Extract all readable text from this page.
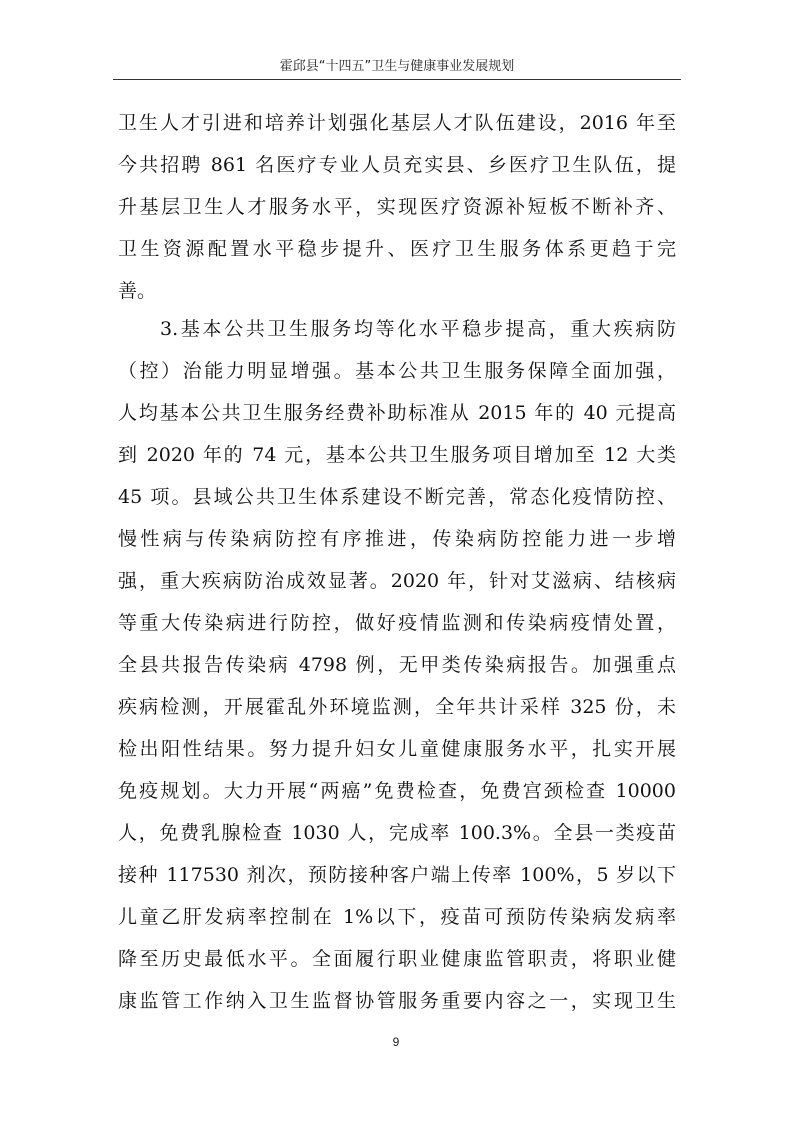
霍邱县“十四五”卫生与健康事业发展规划
卫生人才引进和培养计划强化基层人才队伍建设，2016 年至
今共招聘 861 名医疗专业人员充实县、乡医疗卫生队伍，提
升基层卫生人才服务水平，实现医疗资源补短板不断补齐、
卫生资源配置水平稳步提升、医疗卫生服务体系更趋于完
善。
3.基本公共卫生服务均等化水平稳步提高，重大疾病防
（控）治能力明显增强。基本公共卫生服务保障全面加强，
人均基本公共卫生服务经费补助标准从 2015 年的 40 元提高
到 2020 年的 74 元，基本公共卫生服务项目增加至 12 大类
45 项。县域公共卫生体系建设不断完善，常态化疫情防控、
慢性病与传染病防控有序推进，传染病防控能力进一步增
强，重大疾病防治成效显著。2020 年，针对艾滋病、结核病
等重大传染病进行防控，做好疫情监测和传染病疫情处置，
全县共报告传染病 4798 例，无甲类传染病报告。加强重点
疾病检测，开展霍乱外环境监测，全年共计采样 325 份，未
检出阳性结果。努力提升妇女儿童健康服务水平，扎实开展
免疫规划。大力开展“两癌”免费检查，免费宫颈检查 10000
人，免费乳腺检查 1030 人，完成率 100.3%。全县一类疫苗
接种 117530 剂次，预防接种客户端上传率 100%，5 岁以下
儿童乙肝发病率控制在 1%以下，疫苗可预防传染病发病率
降至历史最低水平。全面履行职业健康监管职责，将职业健
康监管工作纳入卫生监督协管服务重要内容之一，实现卫生
9
